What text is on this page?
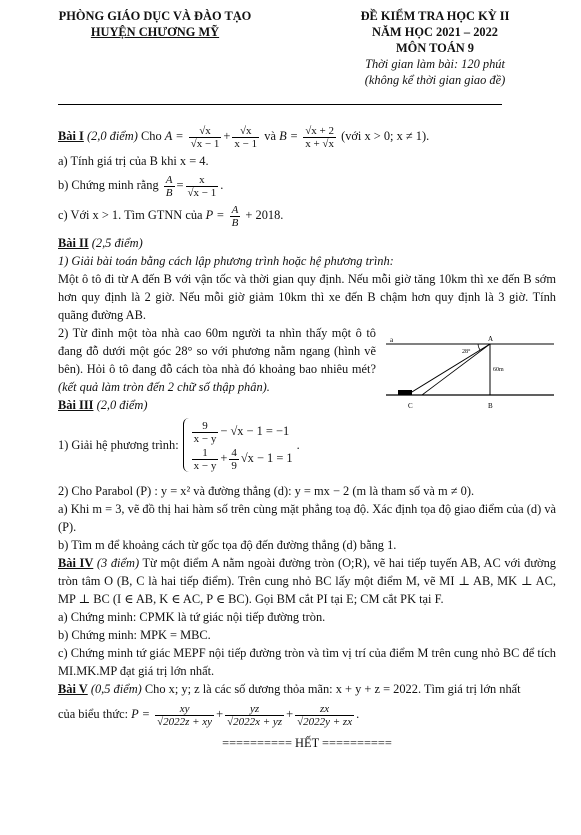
PHÒNG GIÁO DỤC VÀ ĐÀO TẠO
HUYỆN CHƯƠNG MỸ
ĐỀ KIỂM TRA HỌC KỲ II
NĂM HỌC 2021 – 2022
MÔN TOÁN 9
Thời gian làm bài: 120 phút
(không kể thời gian giao đề)
Bài I (2,0 điểm) Cho $A = \frac{√x}{√x - 1} + \frac{√x}{x - 1}$ và $B = \frac{√x + 2}{x + √x}$ (với x > 0; x ≠ 1).
a) Tính giá trị của B khi x = 4.
b) Chứng minh rằng $\frac{A}{B} = \frac{x}{√x - 1}$ .
c) Với x > 1. Tìm GTNN của $P = \frac{A}{B} + 2018$.
Bài II (2,5 điểm)
1) Giải bài toán bằng cách lập phương trình hoặc hệ phương trình:
Một ô tô đi từ A đến B với vận tốc và thời gian quy định. Nếu mỗi giờ tăng 10km thì xe đến B sớm hơn quy định là 2 giờ. Nếu mỗi giờ giảm 10km thì xe đến B chậm hơn quy định là 3 giờ. Tính quãng đường AB.
2) Từ đỉnh một tòa nhà cao 60m người ta nhìn thấy một ô tô đang đỗ dưới một góc 28° so với phương nằm ngang (hình vẽ bên). Hỏi ô tô đang đỗ cách tòa nhà đó khoảng bao nhiêu mét? (kết quả làm tròn đến 2 chữ số thập phân).
Bài III (2,0 điểm)
1) Giải hệ phương trình: $\frac{9}{x - y} - √x - 1 = -1$
$\frac{1}{x - y} + \frac{4}{9} √x - 1 = 1$
.
2) Cho Parabol (P) : y = x² và đường thẳng (d): y = mx − 2 (m là tham số và m ≠ 0).
a) Khi m = 3, vẽ đồ thị hai hàm số trên cùng mặt phẳng toạ độ. Xác định tọa độ giao điểm của (d) và (P).
b) Tìm m để khoảng cách từ gốc tọa độ đến đường thẳng (d) bằng 1.
Bài IV (3 điểm) Từ một điểm A nằm ngoài đường tròn (O;R), vẽ hai tiếp tuyến AB, AC với đường tròn tâm O (B, C là hai tiếp điểm). Trên cung nhỏ BC lấy một điểm M, vẽ MI ⊥ AB, MK ⊥ AC, MP ⊥ BC (I ∈ AB, K ∈ AC, P ∈ BC). Gọi BM cắt PI tại E; CM cắt PK tại F.
a) Chứng minh: CPMK là tứ giác nội tiếp đường tròn.
b) Chứng minh: MPK = MBC.
c) Chứng minh tứ giác MEPF nội tiếp đường tròn và tìm vị trí của điểm M trên cung nhỏ BC để tích MI.MK.MP đạt giá trị lớn nhất.
Bài V (0,5 điểm) Cho x; y; z là các số dương thỏa mãn: x + y + z = 2022. Tìm giá trị lớn nhất
của biểu thức: $P = \frac{xy}{√2022z + xy} + \frac{yz}{√2022x + yz} + \frac{zx}{√2022y + zx}$ .
========== HẾT ==========
a	A
28°
60m
C	B
